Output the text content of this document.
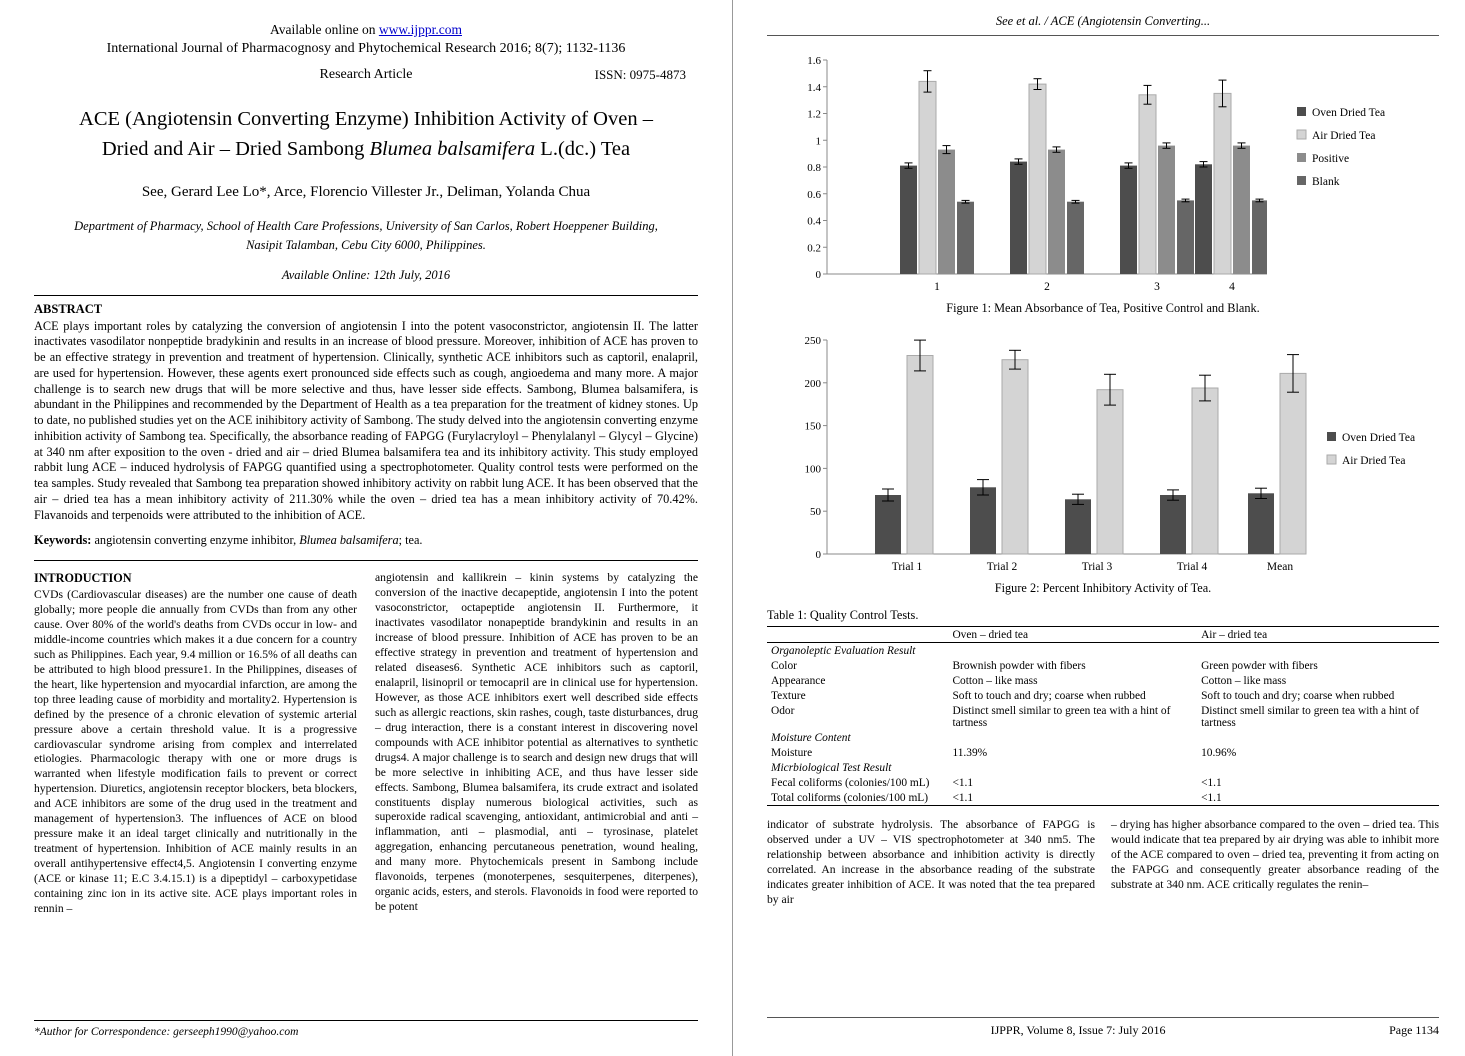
Available online on www.ijppr.com
International Journal of Pharmacognosy and Phytochemical Research 2016; 8(7); 1132-1136
ISSN: 0975-4873
Research Article
ACE (Angiotensin Converting Enzyme) Inhibition Activity of Oven –
Dried and Air – Dried Sambong Blumea balsamifera L.(dc.) Tea
See, Gerard Lee Lo*, Arce, Florencio Villester Jr., Deliman, Yolanda Chua
Department of Pharmacy, School of Health Care Professions, University of San Carlos, Robert Hoeppener Building,
Nasipit Talamban, Cebu City 6000, Philippines.
Available Online: 12th July, 2016
ABSTRACT
ACE plays important roles by catalyzing the conversion of angiotensin I into the potent vasoconstrictor, angiotensin II. The latter inactivates vasodilator nonpeptide bradykinin and results in an increase of blood pressure. Moreover, inhibition of ACE has proven to be an effective strategy in prevention and treatment of hypertension. Clinically, synthetic ACE inhibitors such as captoril, enalapril, are used for hypertension. However, these agents exert pronounced side effects such as cough, angioedema and many more. A major challenge is to search new drugs that will be more selective and thus, have lesser side effects. Sambong, Blumea balsamifera, is abundant in the Philippines and recommended by the Department of Health as a tea preparation for the treatment of kidney stones. Up to date, no published studies yet on the ACE inihibitory activity of Sambong. The study delved into the angiotensin converting enzyme inhibition activity of Sambong tea. Specifically, the absorbance reading of FAPGG (Furylacryloyl – Phenylalanyl – Glycyl – Glycine) at 340 nm after exposition to the oven - dried and air – dried Blumea balsamifera tea and its inhibitory activity. This study employed rabbit lung ACE – induced hydrolysis of FAPGG quantified using a spectrophotometer. Quality control tests were performed on the tea samples. Study revealed that Sambong tea preparation showed inhibitory activity on rabbit lung ACE. It has been observed that the air – dried tea has a mean inhibitory activity of 211.30% while the oven – dried tea has a mean inhibitory activity of 70.42%. Flavanoids and terpenoids were attributed to the inhibition of ACE.
Keywords: angiotensin converting enzyme inhibitor, Blumea balsamifera; tea.
INTRODUCTION
CVDs (Cardiovascular diseases) are the number one cause of death globally; more people die annually from CVDs than from any other cause. Over 80% of the world's deaths from CVDs occur in low- and middle-income countries which makes it a due concern for a country such as Philippines. Each year, 9.4 million or 16.5% of all deaths can be attributed to high blood pressure1. In the Philippines, diseases of the heart, like hypertension and myocardial infarction, are among the top three leading cause of morbidity and mortality2. Hypertension is defined by the presence of a chronic elevation of systemic arterial pressure above a certain threshold value. It is a progressive cardiovascular syndrome arising from complex and interrelated etiologies. Pharmacologic therapy with one or more drugs is warranted when lifestyle modification fails to prevent or correct hypertension. Diuretics, angiotensin receptor blockers, beta blockers, and ACE inhibitors are some of the drug used in the treatment and management of hypertension3. The influences of ACE on blood pressure make it an ideal target clinically and nutritionally in the treatment of hypertension. Inhibition of ACE mainly results in an overall antihypertensive effect4,5. Angiotensin I converting enzyme (ACE or kinase 11; E.C 3.4.15.1) is a dipeptidyl – carboxypetidase containing zinc ion in its active site. ACE plays important roles in rennin –
angiotensin and kallikrein – kinin systems by catalyzing the conversion of the inactive decapeptide, angiotensin I into the potent vasoconstrictor, octapeptide angiotensin II. Furthermore, it inactivates vasodilator nonapeptide brandykinin and results in an increase of blood pressure. Inhibition of ACE has proven to be an effective strategy in prevention and treatment of hypertension and related diseases6. Synthetic ACE inhibitors such as captoril, enalapril, lisinopril or temocapril are in clinical use for hypertension. However, as those ACE inhibitors exert well described side effects such as allergic reactions, skin rashes, cough, taste disturbances, drug – drug interaction, there is a constant interest in discovering novel compounds with ACE inhibitor potential as alternatives to synthetic drugs4. A major challenge is to search and design new drugs that will be more selective in inhibiting ACE, and thus have lesser side effects. Sambong, Blumea balsamifera, its crude extract and isolated constituents display numerous biological activities, such as superoxide radical scavenging, antioxidant, antimicrobial and anti – inflammation, anti – plasmodial, anti – tyrosinase, platelet aggregation, enhancing percutaneous penetration, wound healing, and many more. Phytochemicals present in Sambong include flavonoids, terpenes (monoterpenes, sesquiterpenes, diterpenes), organic acids, esters, and sterols. Flavonoids in food were reported to be potent
*Author for Correspondence: gerseeph1990@yahoo.com
See et al. / ACE (Angiotensin Converting...
0
0.2
0.4
0.6
0.8
1
1.2
1.4
1.6
1	2	3	4
Oven Dried Tea
Air Dried Tea
Positive
Blank
Figure 1: Mean Absorbance of Tea, Positive Control and Blank.
0
50
100
150
200
250
Trial 1	Trial 2	Trial 3	Trial 4	Mean
Oven Dried Tea
Air Dried Tea
Figure 2: Percent Inhibitory Activity of Tea.
Table 1: Quality Control Tests.
	Oven – dried tea	Air – dried tea
Organoleptic Evaluation Result		
Color	Brownish powder with fibers	Green powder with fibers
Appearance	Cotton – like mass	Cotton – like mass
Texture	Soft to touch and dry; coarse when rubbed	Soft to touch and dry; coarse when rubbed
Odor	Distinct smell similar to green tea with a hint of tartness	Distinct smell similar to green tea with a hint of tartness
Moisture Content		
Moisture	11.39%	10.96%
Micrbiological Test Result		
Fecal coliforms (colonies/100 mL)	<1.1	<1.1
Total coliforms (colonies/100 mL)	<1.1	<1.1
indicator of substrate hydrolysis. The absorbance of FAPGG is observed under a UV – VIS spectrophotometer at 340 nm5. The relationship between absorbance and inhibition activity is directly correlated. An increase in the absorbance reading of the substrate indicates greater inhibition of ACE. It was noted that the tea prepared by air
– drying has higher absorbance compared to the oven – dried tea. This would indicate that tea prepared by air drying was able to inhibit more of the ACE compared to oven – dried tea, preventing it from acting on the FAPGG and consequently greater absorbance reading of the substrate at 340 nm. ACE critically regulates the renin–
IJPPR, Volume 8, Issue 7: July 2016	Page 1134
